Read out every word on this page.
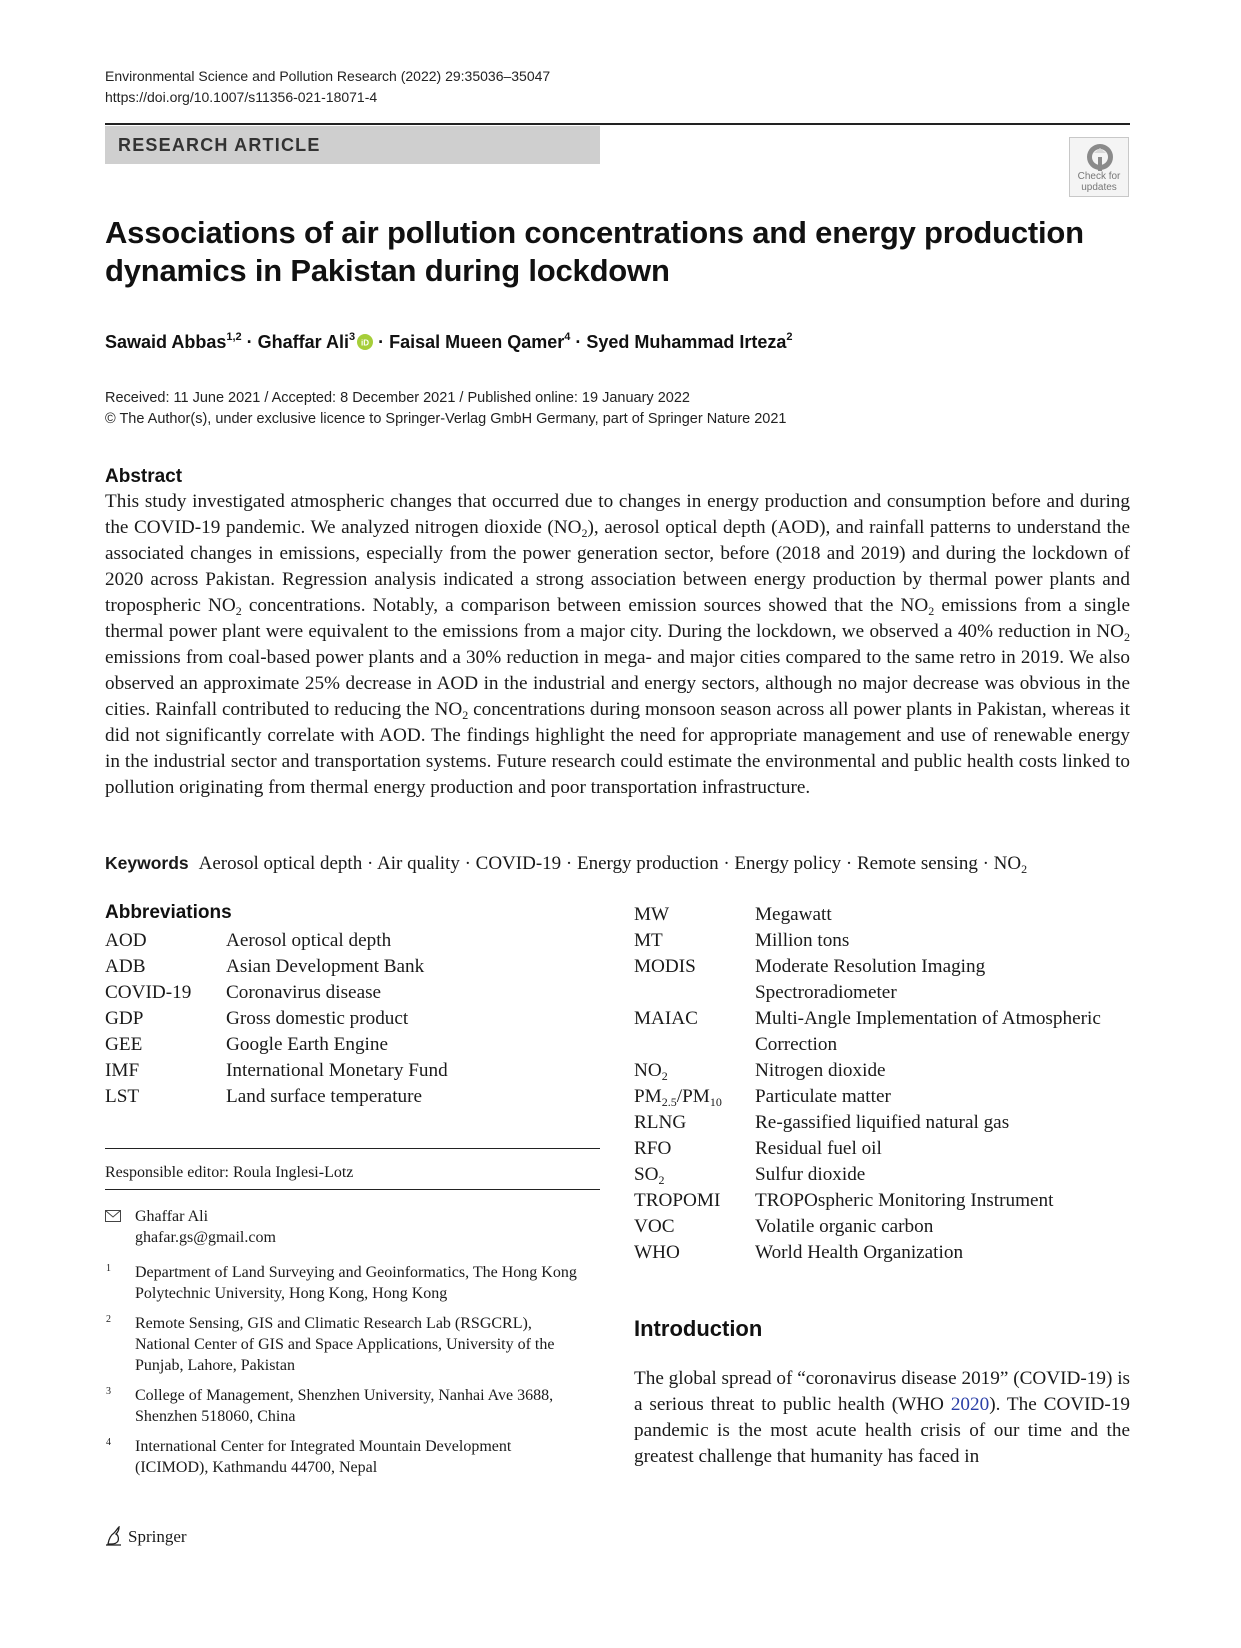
Environmental Science and Pollution Research (2022) 29:35036–35047
https://doi.org/10.1007/s11356-021-18071-4
RESEARCH ARTICLE
Check for
updates
Associations of air pollution concentrations and energy production
dynamics in Pakistan during lockdown
Sawaid Abbas$^{1,2}$ · Ghaffar Ali$^3$ iD · Faisal Mueen Qamer$^4$ · Syed Muhammad Irteza$^2$
Received: 11 June 2021 / Accepted: 8 December 2021 / Published online: 19 January 2022
© The Author(s), under exclusive licence to Springer-Verlag GmbH Germany, part of Springer Nature 2021
Abstract
This study investigated atmospheric changes that occurred due to changes in energy production and consumption before and during the COVID-19 pandemic. We analyzed nitrogen dioxide $(NO_2)$, aerosol optical depth (AOD), and rainfall patterns to understand the associated changes in emissions, especially from the power generation sector, before (2018 and 2019) and during the lockdown of 2020 across Pakistan. Regression analysis indicated a strong association between energy production by thermal power plants and tropospheric $NO_2$ concentrations. Notably, a comparison between emission sources showed that the $NO_2$ emissions from a single thermal power plant were equivalent to the emissions from a major city. During the lockdown, we observed a 40% reduction in $NO_2$ emissions from coal-based power plants and a 30% reduction in mega- and major cities compared to the same retro in 2019. We also observed an approximate 25% decrease in AOD in the industrial and energy sectors, although no major decrease was obvious in the cities. Rainfall contributed to reducing the $NO_2$ concentrations during monsoon season across all power plants in Pakistan, whereas it did not significantly correlate with AOD. The findings highlight the need for appropriate management and use of renewable energy in the industrial sector and transportation systems. Future research could estimate the environmental and public health costs linked to pollution originating from thermal energy production and poor transportation infrastructure.
Keywords Aerosol optical depth · Air quality · COVID-19 · Energy production · Energy policy · Remote $sensing \cdot NO_2$
Abbreviations
AOD	Aerosol optical depth
ADB	Asian Development Bank
COVID-19 Coronavirus disease
GDP	Gross domestic product
GEE	Google Earth Engine
IMF	International Monetary Fund
LST	Land surface temperature
MW	Megawatt
MT	Million tons
MODIS	Moderate Resolution Imaging Spectroradiometer
MAIAC	Multi-Angle Implementation of Atmospheric Correction
$NO_2$	Nitrogen dioxide
$PM_{2.5}/PM_{10}$ Particulate matter
RLNG	Re-gassified liquified natural gas
RFO	Residual fuel oil
$SO_2$	Sulfur dioxide
TROPOMI TROPOspheric Monitoring Instrument
VOC	Volatile organic carbon
WHO	World Health Organization
Responsible editor: Roula Inglesi-Lotz
Ghaffar Ali
ghafar.gs@gmail.com
1 Department of Land Surveying and Geoinformatics, The Hong Kong Polytechnic University, Hong Kong, Hong Kong
2 Remote Sensing, GIS and Climatic Research Lab (RSGCRL), National Center of GIS and Space Applications, University of the Punjab, Lahore, Pakistan
3 College of Management, Shenzhen University, Nanhai Ave 3688, Shenzhen 518060, China
4 International Center for Integrated Mountain Development (ICIMOD), Kathmandu 44700, Nepal
Introduction
The global spread of “coronavirus disease 2019” (COVID-19) is a serious threat to public health (WHO 2020). The COVID-19 pandemic is the most acute health crisis of our time and the greatest challenge that humanity has faced in
Springer
